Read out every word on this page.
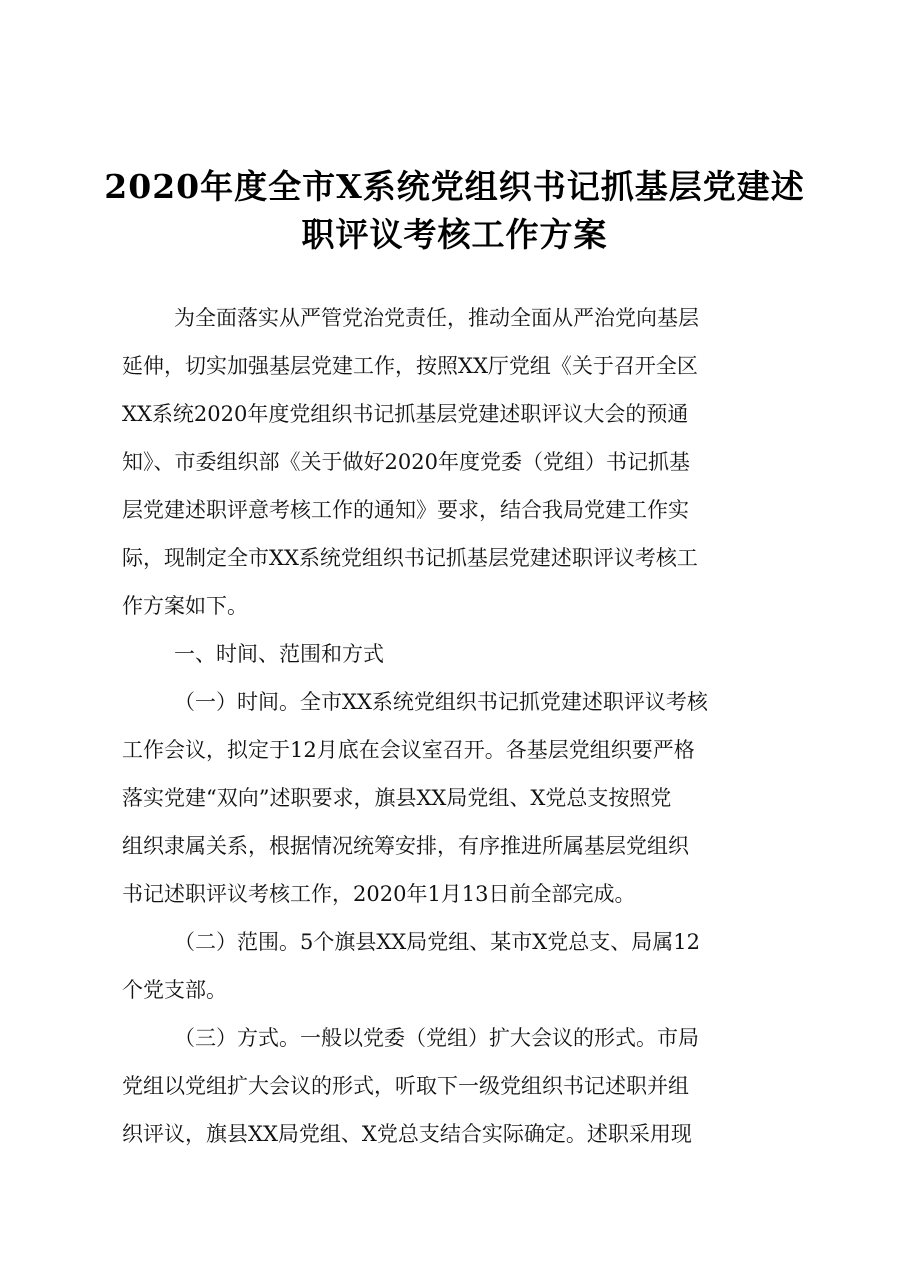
2020年度全市X系统党组织书记抓基层党建述
职评议考核工作方案
为全面落实从严管党治党责任，推动全面从严治党向基层
延伸，切实加强基层党建工作，按照XX厅党组《关于召开全区
XX系统2020年度党组织书记抓基层党建述职评议大会的预通
知》、市委组织部《关于做好2020年度党委（党组）书记抓基
层党建述职评意考核工作的通知》要求，结合我局党建工作实
际，现制定全市XX系统党组织书记抓基层党建述职评议考核工
作方案如下。
一、时间、范围和方式
（一）时间。全市XX系统党组织书记抓党建述职评议考核
工作会议，拟定于12月底在会议室召开。各基层党组织要严格
落实党建“双向”述职要求，旗县XX局党组、X党总支按照党
组织隶属关系，根据情况统筹安排，有序推进所属基层党组织
书记述职评议考核工作，2020年1月13日前全部完成。
（二）范围。5个旗县XX局党组、某市X党总支、局属12
个党支部。
（三）方式。一般以党委（党组）扩大会议的形式。市局
党组以党组扩大会议的形式，听取下一级党组织书记述职并组
织评议，旗县XX局党组、X党总支结合实际确定。述职采用现
